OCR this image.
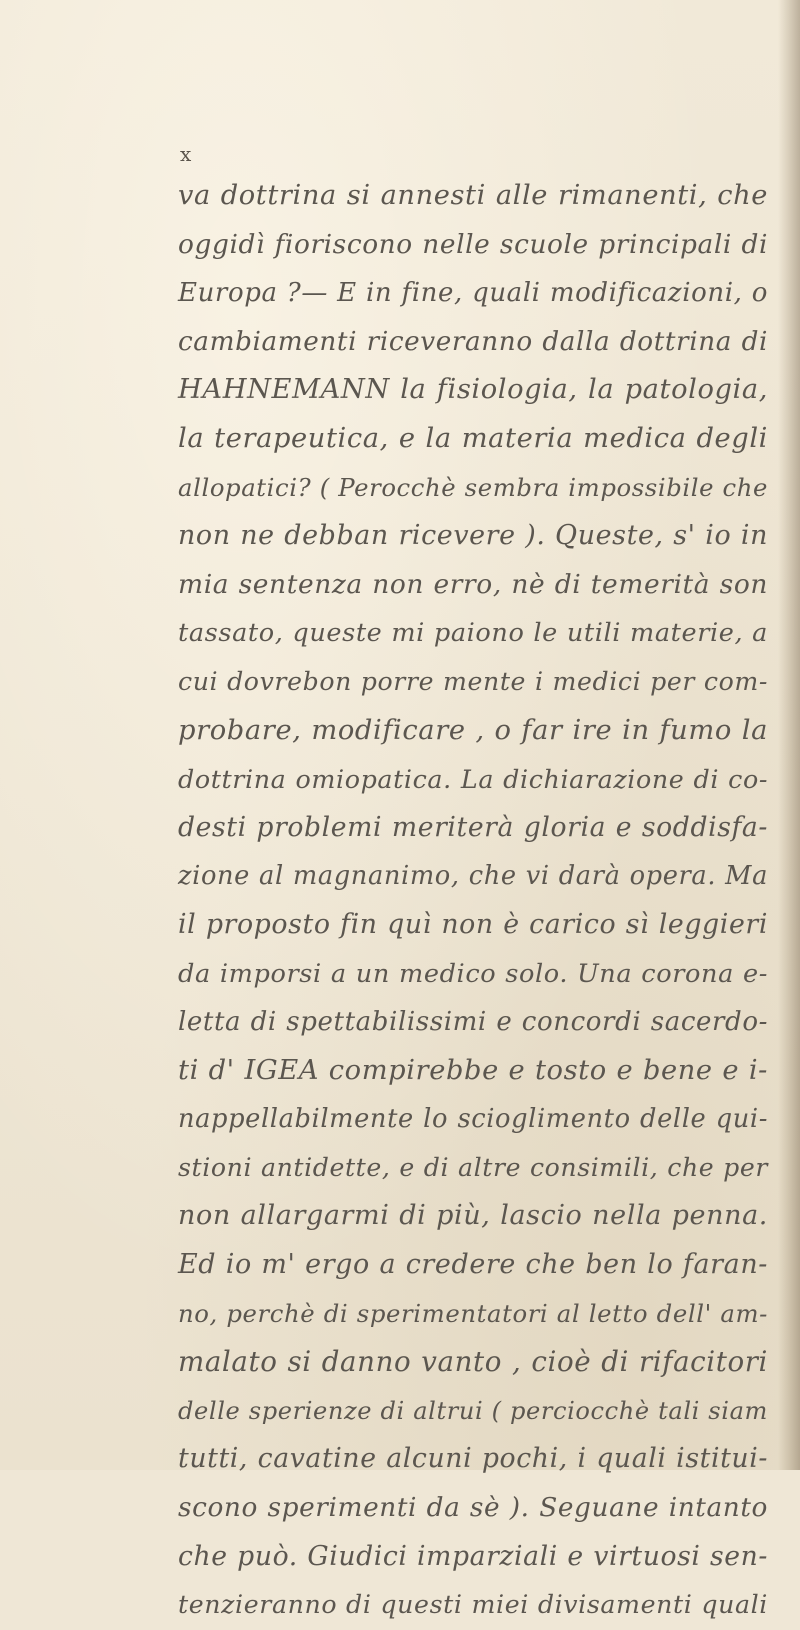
x
va dottrina si annesti alle rimanenti, che
oggidì fioriscono nelle scuole principali di
Europa ?— E in fine, quali modificazioni, o
cambiamenti riceveranno dalla dottrina di
HAHNEMANN la fisiologia, la patologia,
la terapeutica, e la materia medica degli
allopatici? ( Perocchè sembra impossibile che
non ne debban ricevere ). Queste, s' io in
mia sentenza non erro, nè di temerità son
tassato, queste mi paiono le utili materie, a
cui dovrebon porre mente i medici per com-
probare, modificare , o far ire in fumo la
dottrina omiopatica. La dichiarazione di co-
desti problemi meriterà gloria e soddisfa-
zione al magnanimo, che vi darà opera. Ma
il proposto fin quì non è carico sì leggieri
da imporsi a un medico solo. Una corona e-
letta di spettabilissimi e concordi sacerdo-
ti d' IGEA compirebbe e tosto e bene e i-
nappellabilmente lo scioglimento delle qui-
stioni antidette, e di altre consimili, che per
non allargarmi di più, lascio nella penna.
Ed io m' ergo a credere che ben lo faran-
no, perchè di sperimentatori al letto dell' am-
malato si danno vanto , cioè di rifacitori
delle sperienze di altrui ( perciocchè tali siam
tutti, cavatine alcuni pochi, i quali istitui-
scono sperimenti da sè ). Seguane intanto
che può. Giudici imparziali e virtuosi sen-
tenzieranno di questi miei divisamenti quali
